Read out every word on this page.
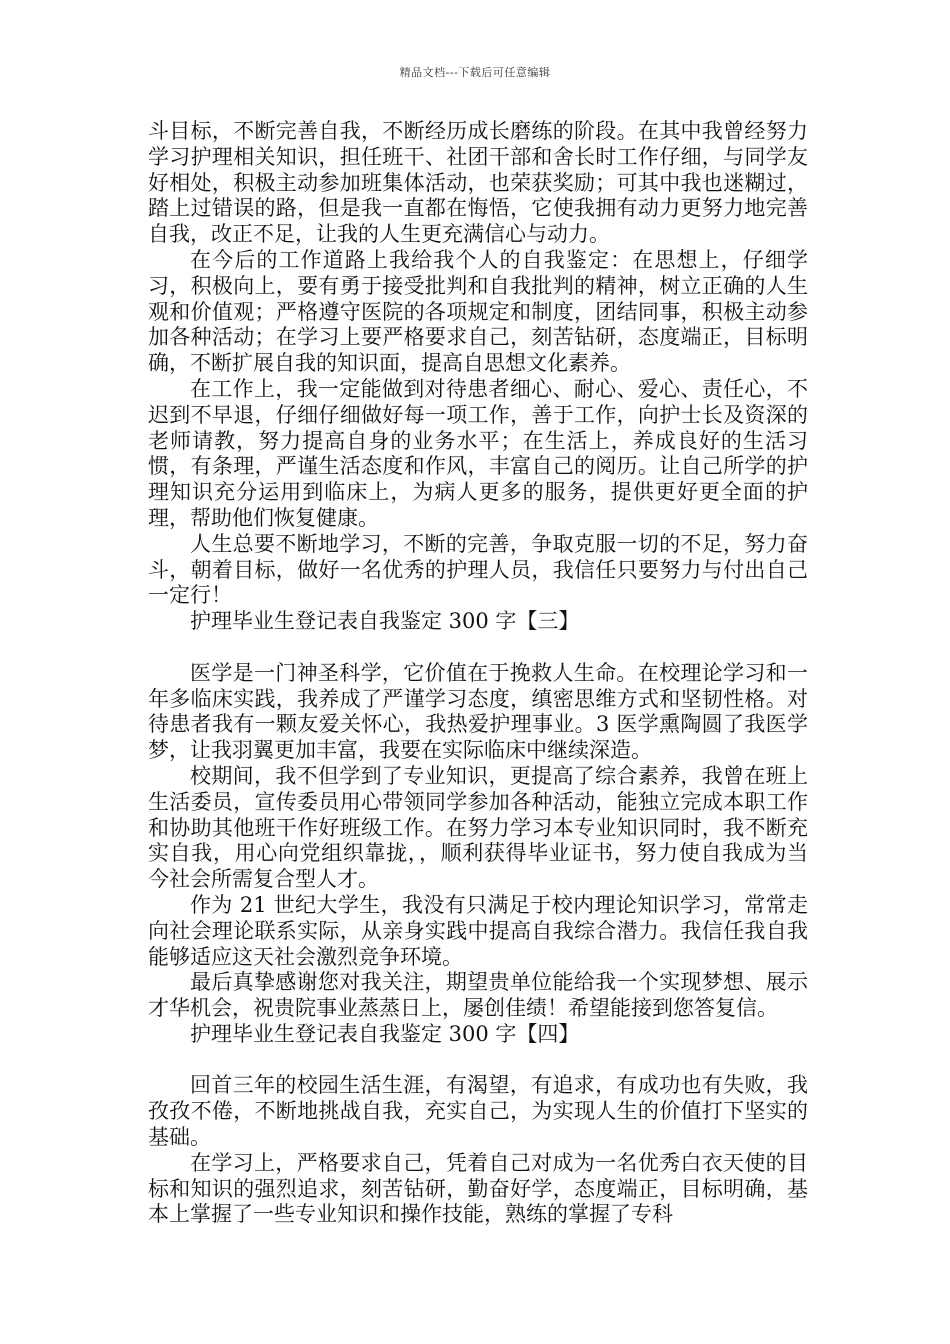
精品文档---下载后可任意编辑

斗目标，不断完善自我，不断经历成长磨练的阶段。在其中我曾经努力学习护理相关知识，担任班干、社团干部和舍长时工作仔细，与同学友好相处，积极主动参加班集体活动，也荣获奖励；可其中我也迷糊过，踏上过错误的路，但是我一直都在悔悟，它使我拥有动力更努力地完善自我，改正不足，让我的人生更充满信心与动力。

在今后的工作道路上我给我个人的自我鉴定：在思想上，仔细学习，积极向上，要有勇于接受批判和自我批判的精神，树立正确的人生观和价值观；严格遵守医院的各项规定和制度，团结同事，积极主动参加各种活动；在学习上要严格要求自己，刻苦钻研，态度端正，目标明确，不断扩展自我的知识面，提高自思想文化素养。

在工作上，我一定能做到对待患者细心、耐心、爱心、责任心，不迟到不早退，仔细仔细做好每一项工作，善于工作，向护士长及资深的老师请教，努力提高自身的业务水平；在生活上，养成良好的生活习惯，有条理，严谨生活态度和作风，丰富自己的阅历。让自己所学的护理知识充分运用到临床上，为病人更多的服务，提供更好更全面的护理，帮助他们恢复健康。

人生总要不断地学习，不断的完善，争取克服一切的不足，努力奋斗，朝着目标，做好一名优秀的护理人员，我信任只要努力与付出自己一定行！

护理毕业生登记表自我鉴定 300 字【三】

医学是一门神圣科学，它价值在于挽救人生命。在校理论学习和一年多临床实践，我养成了严谨学习态度，缜密思维方式和坚韧性格。对待患者我有一颗友爱关怀心，我热爱护理事业。3 医学熏陶圆了我医学梦，让我羽翼更加丰富，我要在实际临床中继续深造。

校期间，我不但学到了专业知识，更提高了综合素养，我曾在班上生活委员，宣传委员用心带领同学参加各种活动，能独立完成本职工作和协助其他班干作好班级工作。在努力学习本专业知识同时，我不断充实自我，用心向党组织靠拢，，顺利获得毕业证书，努力使自我成为当今社会所需复合型人才。

作为 21 世纪大学生，我没有只满足于校内理论知识学习，常常走向社会理论联系实际，从亲身实践中提高自我综合潜力。我信任我自我能够适应这天社会激烈竞争环境。

最后真挚感谢您对我关注，期望贵单位能给我一个实现梦想、展示才华机会，祝贵院事业蒸蒸日上，屡创佳绩！希望能接到您答复信。

护理毕业生登记表自我鉴定 300 字【四】

回首三年的校园生活生涯，有渴望，有追求，有成功也有失败，我孜孜不倦，不断地挑战自我，充实自己，为实现人生的价值打下坚实的基础。

在学习上，严格要求自己，凭着自己对成为一名优秀白衣天使的目标和知识的强烈追求，刻苦钻研，勤奋好学，态度端正，目标明确，基本上掌握了一些专业知识和操作技能，熟练的掌握了专科
